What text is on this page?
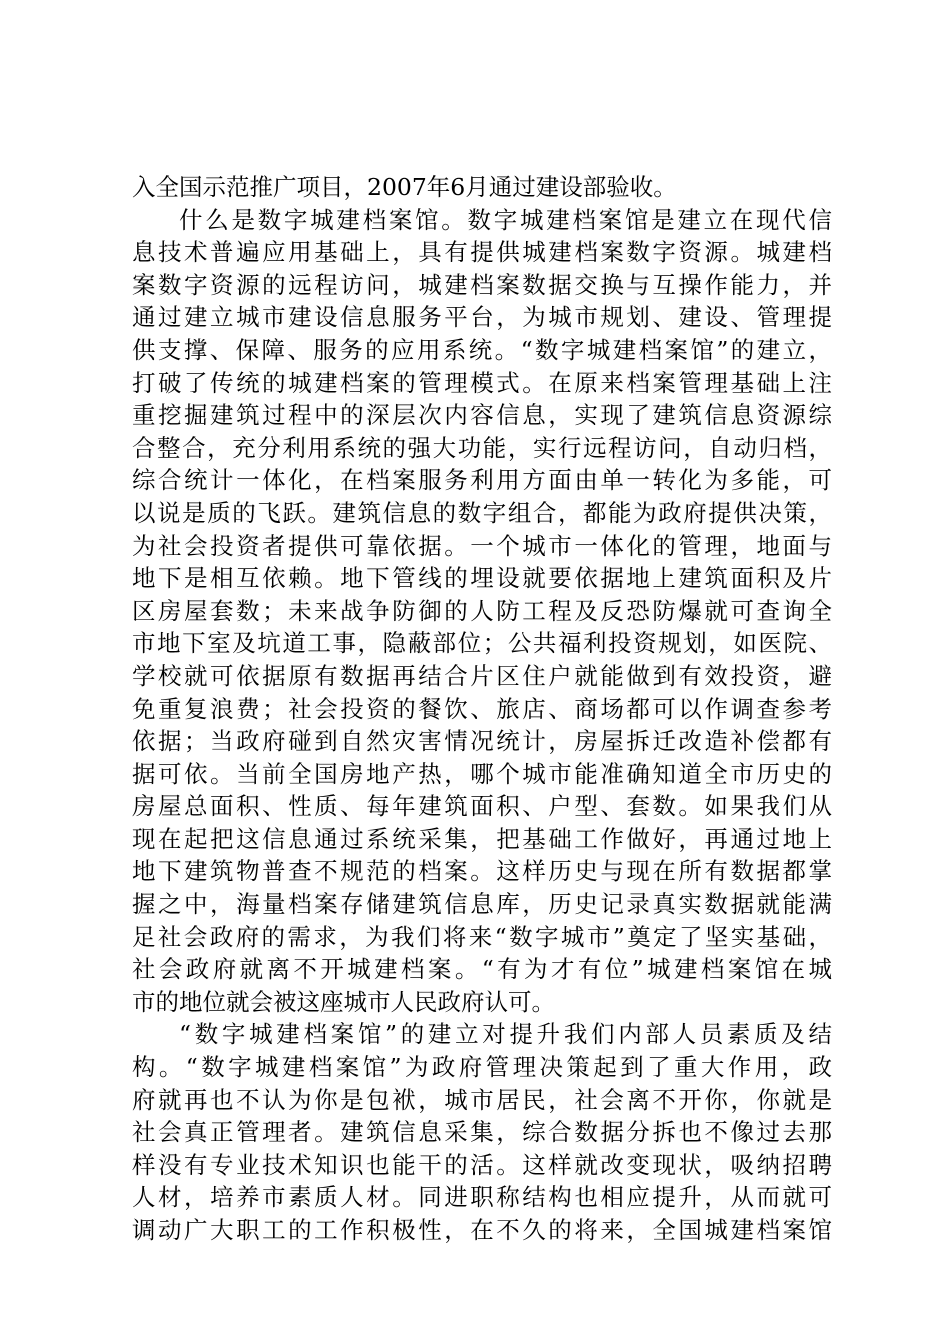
入全国示范推广项目，2007年6月通过建设部验收。
什么是数字城建档案馆。数字城建档案馆是建立在现代信
息技术普遍应用基础上，具有提供城建档案数字资源。城建档
案数字资源的远程访问，城建档案数据交换与互操作能力，并
通过建立城市建设信息服务平台，为城市规划、建设、管理提
供支撑、保障、服务的应用系统。“数字城建档案馆”的建立，
打破了传统的城建档案的管理模式。在原来档案管理基础上注
重挖掘建筑过程中的深层次内容信息，实现了建筑信息资源综
合整合，充分利用系统的强大功能，实行远程访问，自动归档，
综合统计一体化，在档案服务利用方面由单一转化为多能，可
以说是质的飞跃。建筑信息的数字组合，都能为政府提供决策，
为社会投资者提供可靠依据。一个城市一体化的管理，地面与
地下是相互依赖。地下管线的埋设就要依据地上建筑面积及片
区房屋套数；未来战争防御的人防工程及反恐防爆就可查询全
市地下室及坑道工事，隐蔽部位；公共福利投资规划，如医院、
学校就可依据原有数据再结合片区住户就能做到有效投资，避
免重复浪费；社会投资的餐饮、旅店、商场都可以作调查参考
依据；当政府碰到自然灾害情况统计，房屋拆迁改造补偿都有
据可依。当前全国房地产热，哪个城市能准确知道全市历史的
房屋总面积、性质、每年建筑面积、户型、套数。如果我们从
现在起把这信息通过系统采集，把基础工作做好，再通过地上
地下建筑物普查不规范的档案。这样历史与现在所有数据都掌
握之中，海量档案存储建筑信息库，历史记录真实数据就能满
足社会政府的需求，为我们将来“数字城市”奠定了坚实基础，
社会政府就离不开城建档案。“有为才有位”城建档案馆在城
市的地位就会被这座城市人民政府认可。
“数字城建档案馆”的建立对提升我们内部人员素质及结
构。“数字城建档案馆”为政府管理决策起到了重大作用，政
府就再也不认为你是包袱，城市居民，社会离不开你，你就是
社会真正管理者。建筑信息采集，综合数据分拆也不像过去那
样没有专业技术知识也能干的活。这样就改变现状，吸纳招聘
人材，培养市素质人材。同进职称结构也相应提升，从而就可
调动广大职工的工作积极性，在不久的将来，全国城建档案馆
